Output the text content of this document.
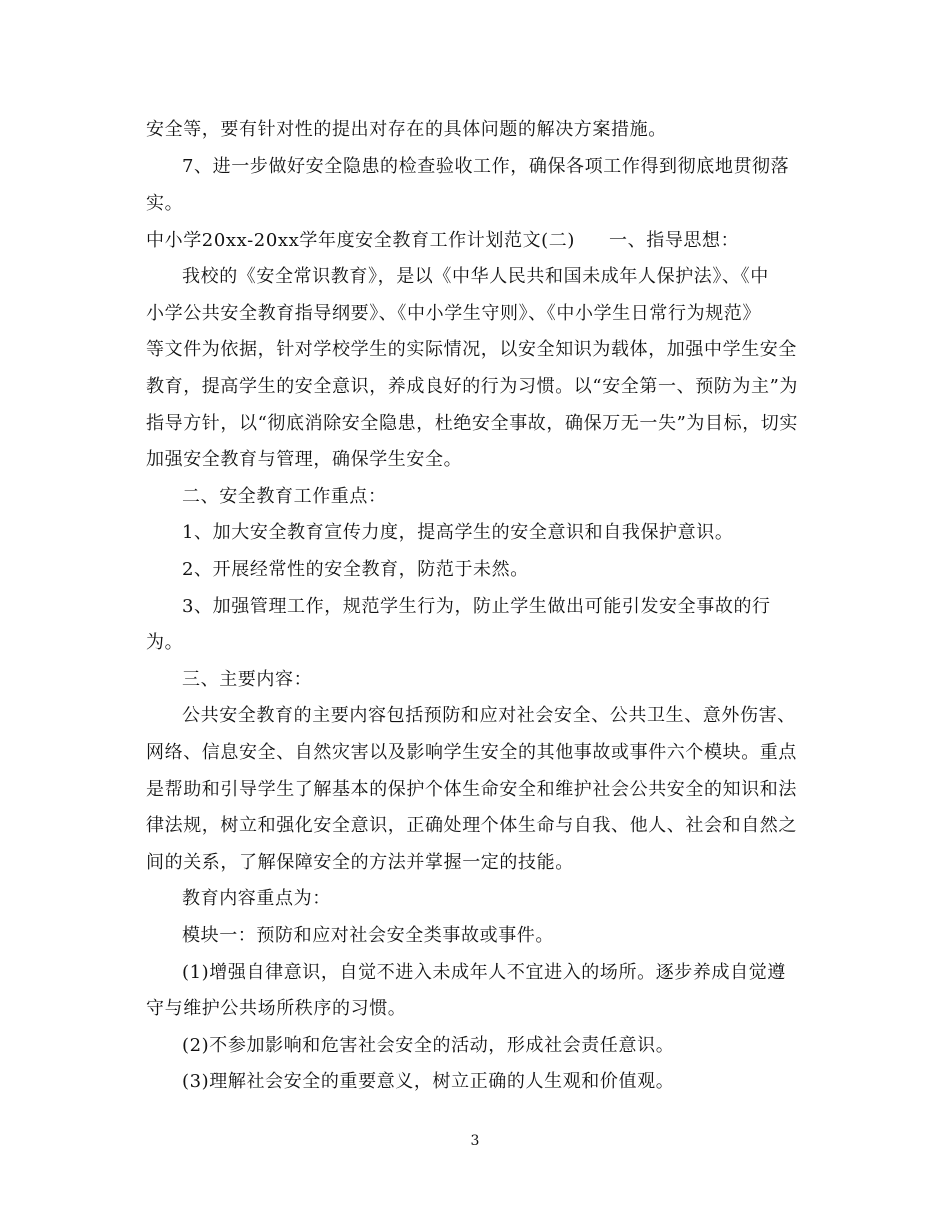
安全等，要有针对性的提出对存在的具体问题的解决方案措施。
7、进一步做好安全隐患的检查验收工作，确保各项工作得到彻底地贯彻落
实。
中小学20xx-20xx学年度安全教育工作计划范文(二) 一、指导思想：
我校的《安全常识教育》，是以《中华人民共和国未成年人保护法》、《中
小学公共安全教育指导纲要》、《中小学生守则》、《中小学生日常行为规范》
等文件为依据，针对学校学生的实际情况，以安全知识为载体，加强中学生安全
教育，提高学生的安全意识，养成良好的行为习惯。以“安全第一、预防为主”为
指导方针，以“彻底消除安全隐患，杜绝安全事故，确保万无一失”为目标，切实
加强安全教育与管理，确保学生安全。
二、安全教育工作重点：
1、加大安全教育宣传力度，提高学生的安全意识和自我保护意识。
2、开展经常性的安全教育，防范于未然。
3、加强管理工作，规范学生行为，防止学生做出可能引发安全事故的行
为。
三、主要内容：
公共安全教育的主要内容包括预防和应对社会安全、公共卫生、意外伤害、
网络、信息安全、自然灾害以及影响学生安全的其他事故或事件六个模块。重点
是帮助和引导学生了解基本的保护个体生命安全和维护社会公共安全的知识和法
律法规，树立和强化安全意识，正确处理个体生命与自我、他人、社会和自然之
间的关系，了解保障安全的方法并掌握一定的技能。
教育内容重点为：
模块一：预防和应对社会安全类事故或事件。
(1)增强自律意识，自觉不进入未成年人不宜进入的场所。逐步养成自觉遵
守与维护公共场所秩序的习惯。
(2)不参加影响和危害社会安全的活动，形成社会责任意识。
(3)理解社会安全的重要意义，树立正确的人生观和价值观。
3
